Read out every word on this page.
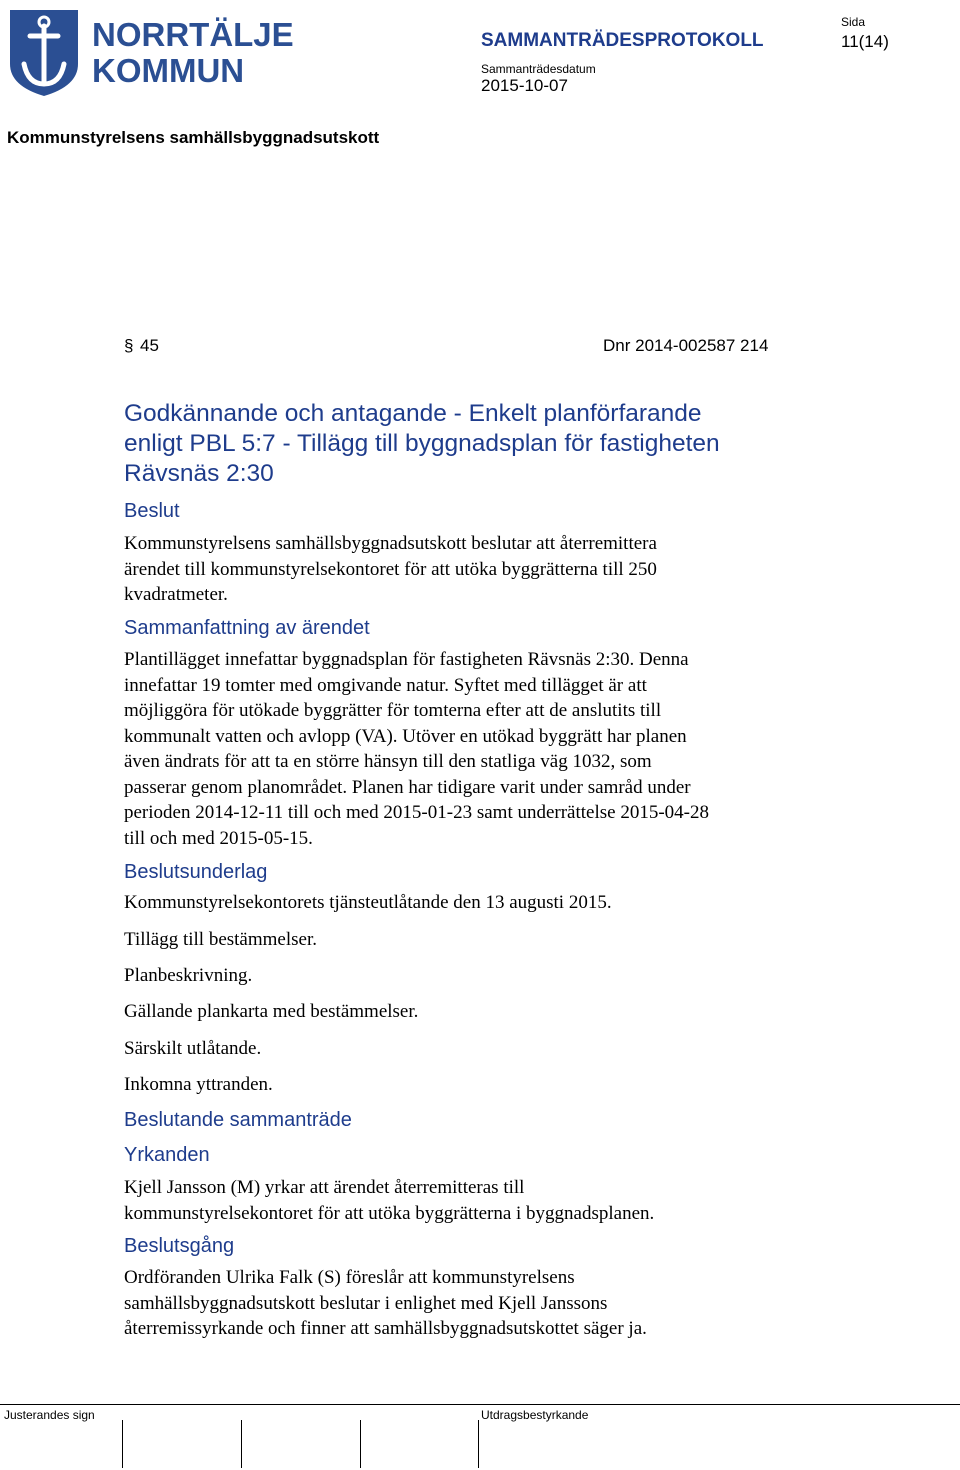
NORRTÄLJE
KOMMUN
SAMMANTRÄDESPROTOKOLL
Sida
11(14)
Sammanträdesdatum
2015-10-07
Kommunstyrelsens samhällsbyggnadsutskott
§ 45	Dnr 2014-002587 214
Godkännande och antagande - Enkelt planförfarande
enligt PBL 5:7 - Tillägg till byggnadsplan för fastigheten
Rävsnäs 2:30
Beslut
Kommunstyrelsens samhällsbyggnadsutskott beslutar att återremittera
ärendet till kommunstyrelsekontoret för att utöka byggrätterna till 250
kvadratmeter.
Sammanfattning av ärendet
Plantillägget innefattar byggnadsplan för fastigheten Rävsnäs 2:30. Denna
innefattar 19 tomter med omgivande natur. Syftet med tillägget är att
möjliggöra för utökade byggrätter för tomterna efter att de anslutits till
kommunalt vatten och avlopp (VA). Utöver en utökad byggrätt har planen
även ändrats för att ta en större hänsyn till den statliga väg 1032, som
passerar genom planområdet. Planen har tidigare varit under samråd under
perioden 2014-12-11 till och med 2015-01-23 samt underrättelse 2015-04-28
till och med 2015-05-15.
Beslutsunderlag
Kommunstyrelsekontorets tjänsteutlåtande den 13 augusti 2015.
Tillägg till bestämmelser.
Planbeskrivning.
Gällande plankarta med bestämmelser.
Särskilt utlåtande.
Inkomna yttranden.
Beslutande sammanträde
Yrkanden
Kjell Jansson (M) yrkar att ärendet återremitteras till
kommunstyrelsekontoret för att utöka byggrätterna i byggnadsplanen.
Beslutsgång
Ordföranden Ulrika Falk (S) föreslår att kommunstyrelsens
samhällsbyggnadsutskott beslutar i enlighet med Kjell Janssons
återremissyrkande och finner att samhällsbyggnadsutskottet säger ja.
Justerandes sign	Utdragsbestyrkande
